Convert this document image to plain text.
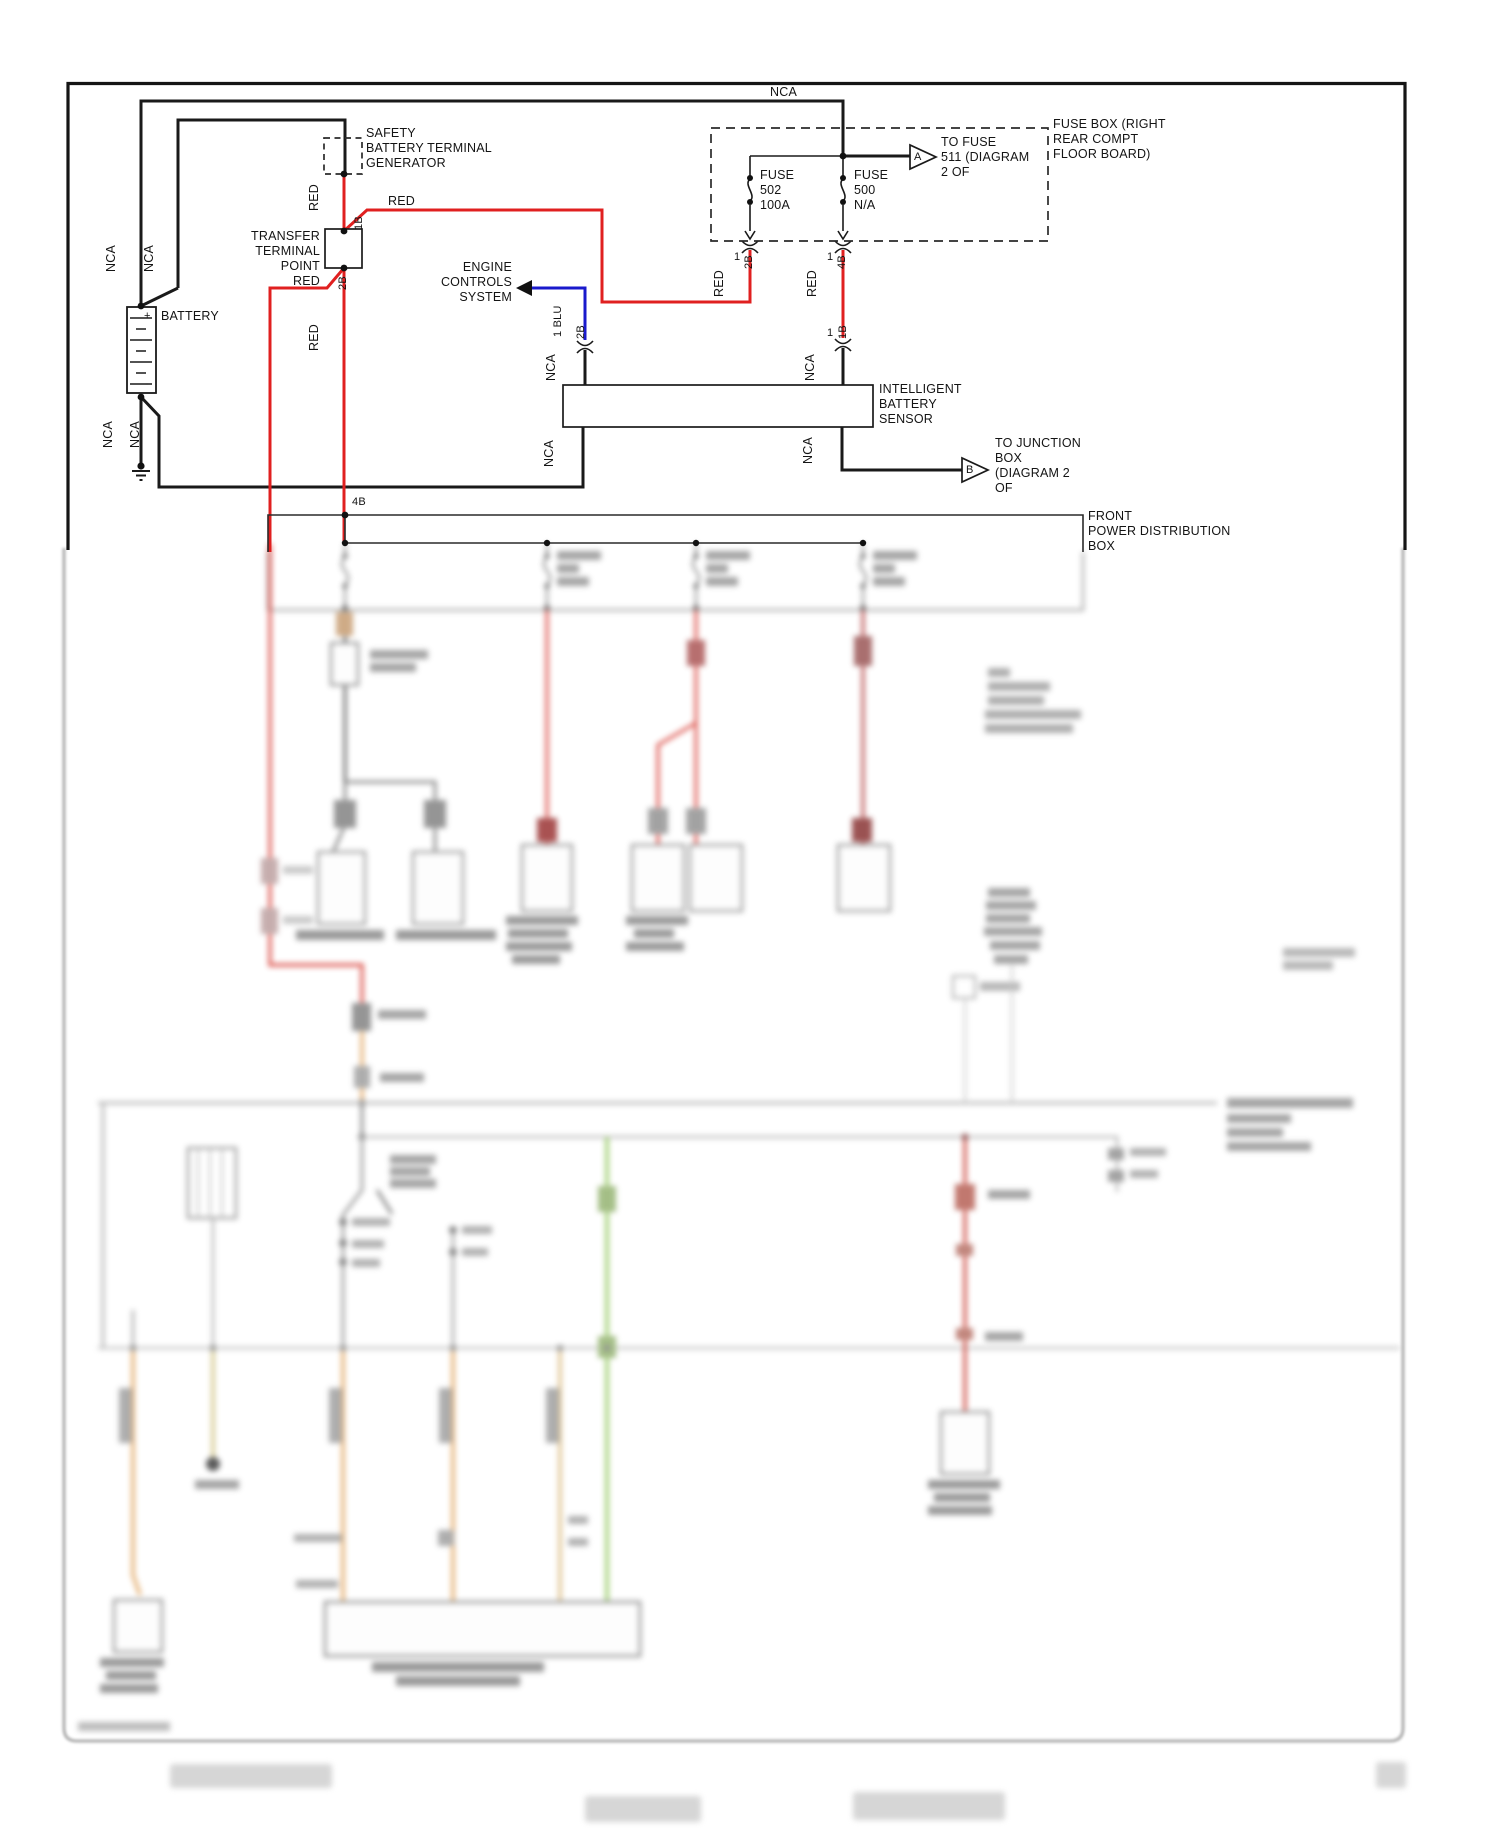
NCA
NCA NCA
BATTERY
+
-
NCA NCA
SAFETY
BATTERY TERMINAL
GENERATOR
TRANSFER
TERMINAL
POINT
RED
RED	RED
1B
2B
RED
ENGINE
CONTROLS
SYSTEM
1 BLU 2B
NCA
NCA
FUSE BOX (RIGHT
REAR COMPT
FLOOR BOARD)
FUSE
502
100A
FUSE
500
N/A
A
TO FUSE
511 (DIAGRAM
2 OF
1 2B
RED
1 4B
RED
1 1B
NCA
NCA
INTELLIGENT
BATTERY
SENSOR
B
TO JUNCTION
BOX
(DIAGRAM 2
OF
4B
FRONT
POWER DISTRIBUTION
BOX
